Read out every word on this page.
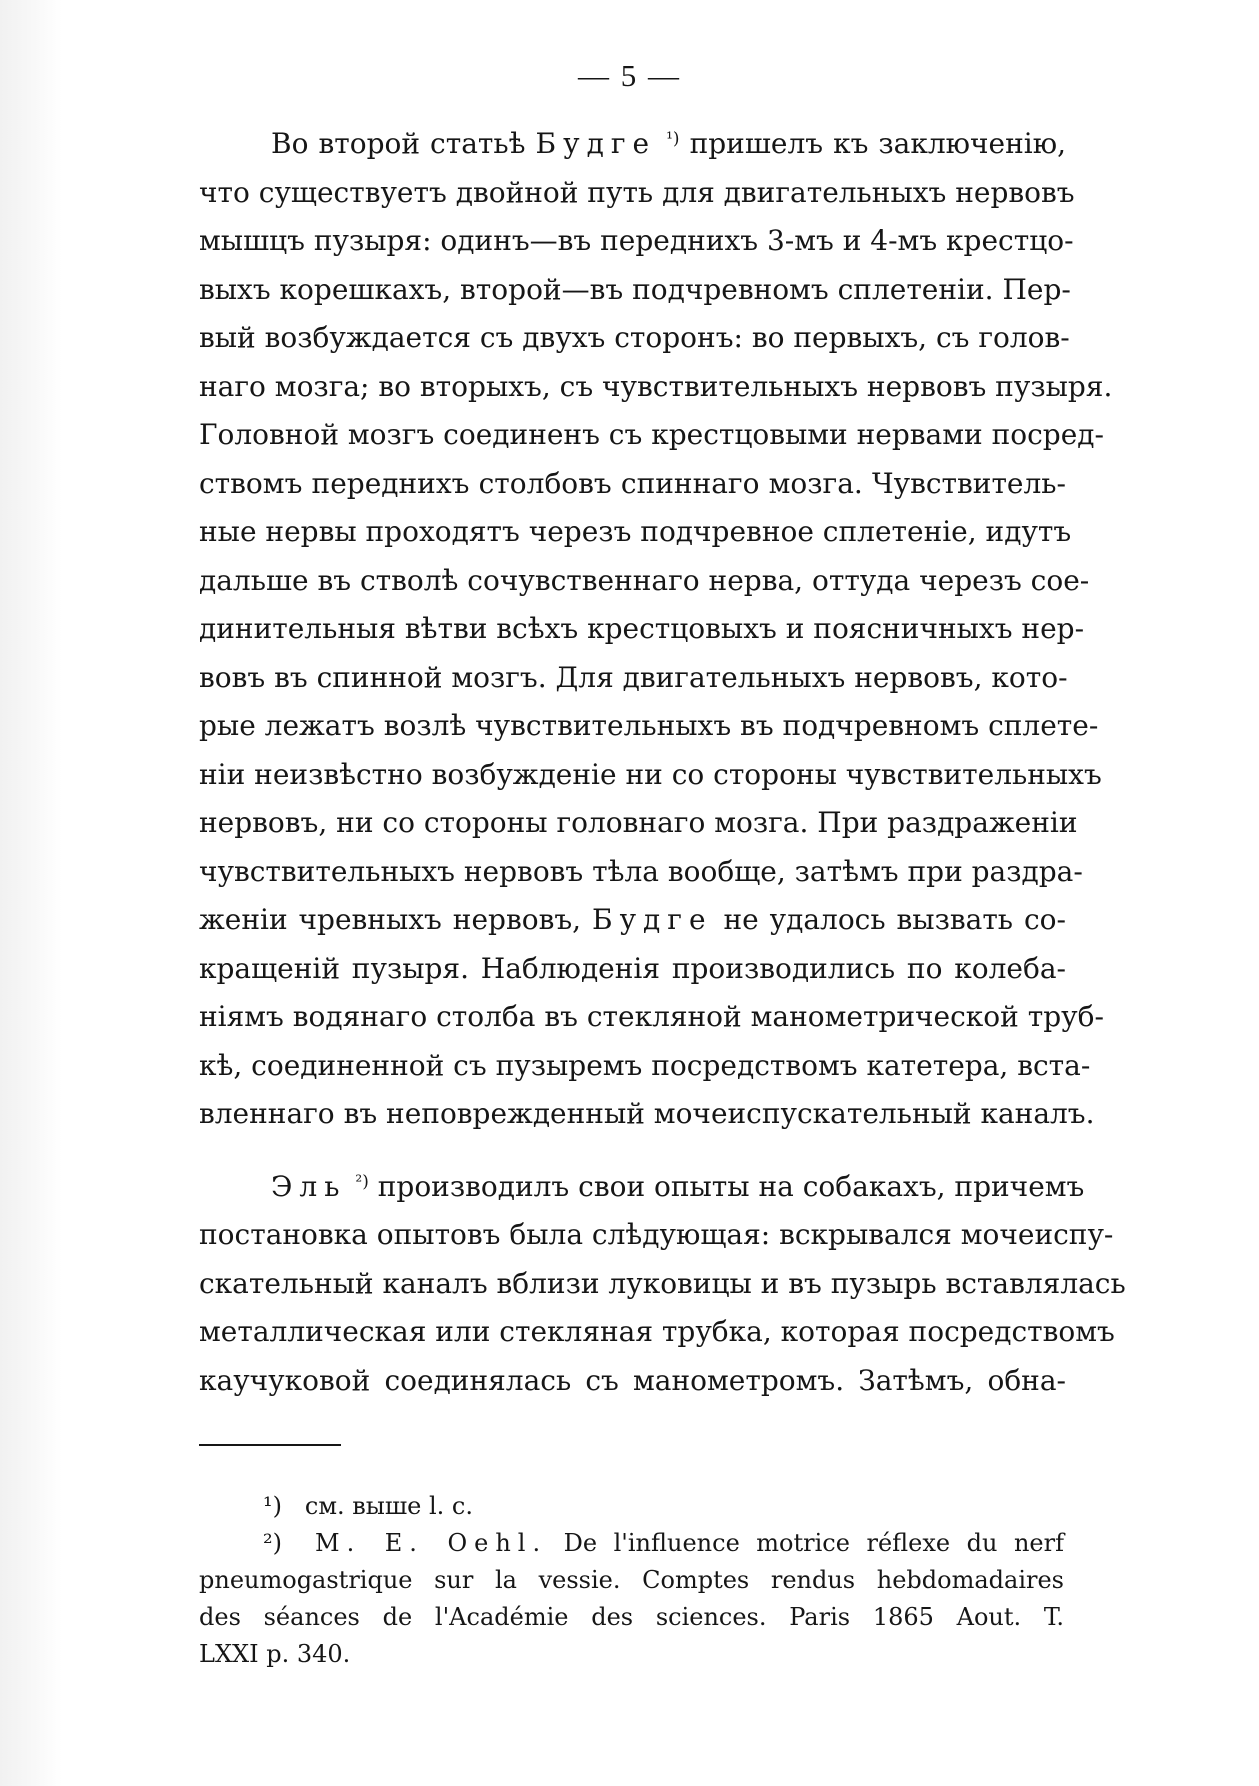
— 5 —
Во второй статьѣ Будге $^{^1)}$ пришелъ къ заключенію,
что существуетъ двойной путь для двигательныхъ нервовъ
мышцъ пузыря: одинъ—въ переднихъ 3-мъ и 4-мъ крестцо-
выхъ корешкахъ, второй—въ подчревномъ сплетеніи. Пер-
вый возбуждается съ двухъ сторонъ: во первыхъ, съ голов-
наго мозга; во вторыхъ, съ чувствительныхъ нервовъ пузыря.
Головной мозгъ соединенъ съ крестцовыми нервами посред-
ствомъ переднихъ столбовъ спиннаго мозга. Чувствитель-
ные нервы проходятъ черезъ подчревное сплетеніе, идутъ
дальше въ стволѣ сочувственнаго нерва, оттуда черезъ сое-
динительныя вѣтви всѣхъ крестцовыхъ и поясничныхъ нер-
вовъ въ спинной мозгъ. Для двигательныхъ нервовъ, кото-
рые лежатъ возлѣ чувствительныхъ въ подчревномъ сплете-
ніи неизвѣстно возбужденіе ни со стороны чувствительныхъ
нервовъ, ни со стороны головнаго мозга. При раздраженіи
чувствительныхъ нервовъ тѣла вообще, затѣмъ при раздра-
женіи чревныхъ нервовъ, Будге не удалось вызвать со-
кращеній пузыря. Наблюденія производились по колеба-
ніямъ водянаго столба въ стекляной манометрической труб-
кѣ, соединенной съ пузыремъ посредствомъ катетера, вста-
вленнаго въ неповрежденный мочеиспускательный каналъ.
Эль $^{^2)}$ производилъ свои опыты на собакахъ, причемъ
постановка опытовъ была слѣдующая: вскрывался мочеиспу-
скательный каналъ вблизи луковицы и въ пузырь вставлялась
металлическая или стекляная трубка, которая посредствомъ
каучуковой соединялась съ манометромъ. Затѣмъ, обна-
¹) см. выше l. c.
²) M. E. Oehl. De l'influence motrice réflexe du nerf
pneumogastrique sur la vessie. Comptes rendus hebdomadaires
des séances de l'Académie des sciences. Paris 1865 Aout. T.
LXXI p. 340.
